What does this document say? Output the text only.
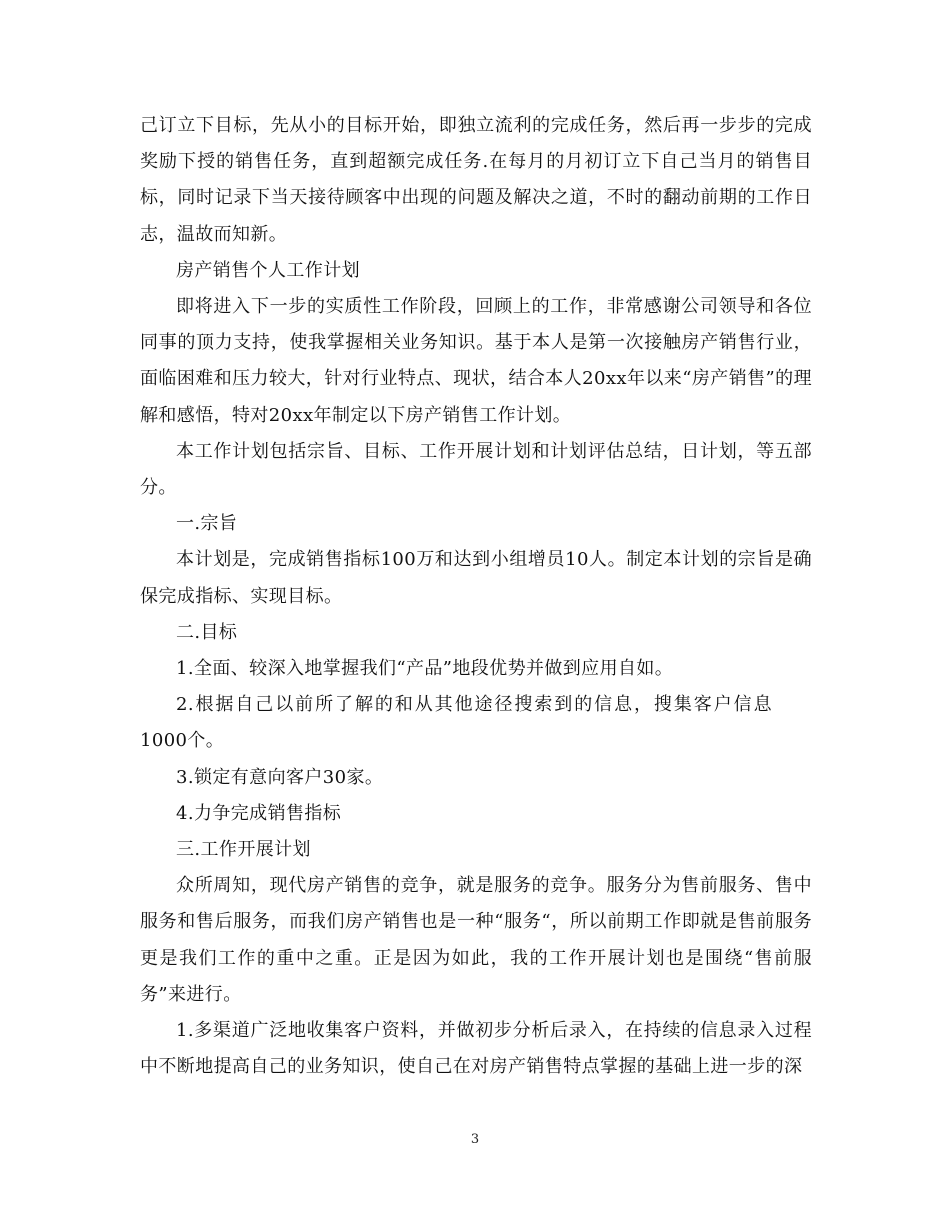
己订立下目标，先从小的目标开始，即独立流利的完成任务，然后再一步步的完成奖励下授的销售任务，直到超额完成任务.在每月的月初订立下自己当月的销售目标，同时记录下当天接待顾客中出现的问题及解决之道，不时的翻动前期的工作日志，温故而知新。

房产销售个人工作计划

即将进入下一步的实质性工作阶段，回顾上的工作，非常感谢公司领导和各位同事的顶力支持，使我掌握相关业务知识。基于本人是第一次接触房产销售行业，面临困难和压力较大，针对行业特点、现状，结合本人20xx年以来“房产销售”的理解和感悟，特对20xx年制定以下房产销售工作计划。

本工作计划包括宗旨、目标、工作开展计划和计划评估总结，日计划，等五部分。

一.宗旨

本计划是，完成销售指标100万和达到小组增员10人。制定本计划的宗旨是确保完成指标、实现目标。

二.目标

1.全面、较深入地掌握我们“产品”地段优势并做到应用自如。

2.根据自己以前所了解的和从其他途径搜索到的信息，搜集客户信息1000个。

3.锁定有意向客户30家。

4.力争完成销售指标

三.工作开展计划

众所周知，现代房产销售的竞争，就是服务的竞争。服务分为售前服务、售中服务和售后服务，而我们房产销售也是一种“服务“，所以前期工作即就是售前服务更是我们工作的重中之重。正是因为如此，我的工作开展计划也是围绕“售前服务”来进行。

1.多渠道广泛地收集客户资料，并做初步分析后录入，在持续的信息录入过程中不断地提高自己的业务知识，使自己在对房产销售特点掌握的基础上进一步的深

3
